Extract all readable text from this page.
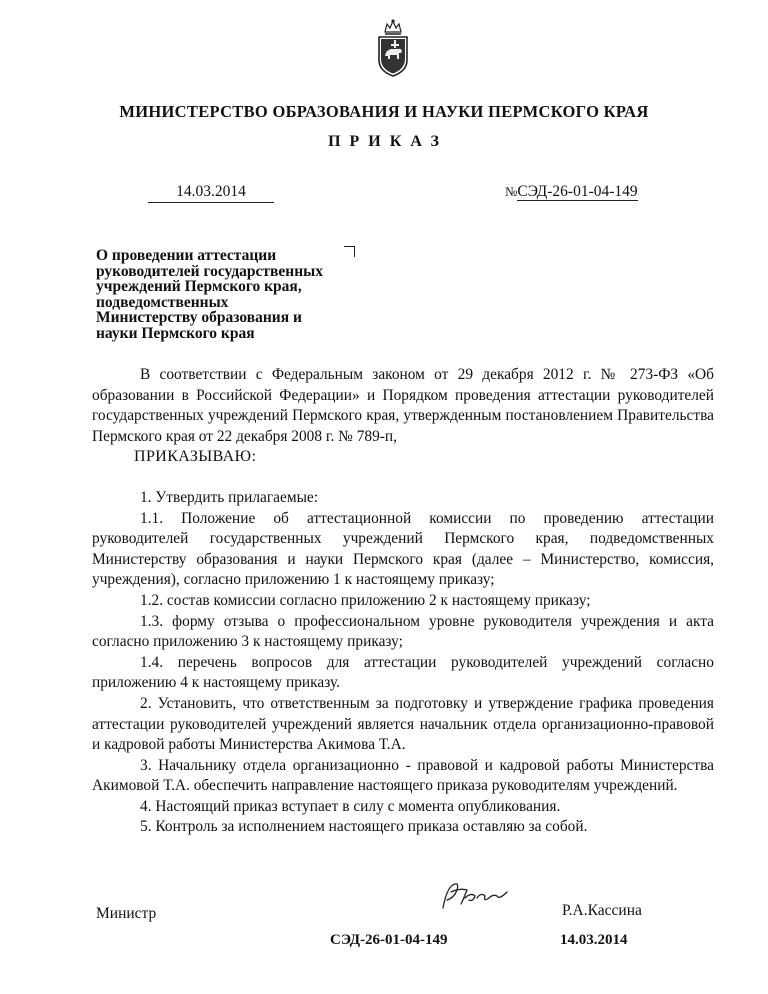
МИНИСТЕРСТВО ОБРАЗОВАНИЯ И НАУКИ ПЕРМСКОГО КРАЯ
ПРИКАЗ
14.03.2014	№СЭД-26-01-04-149
О проведении аттестации
руководителей государственных
учреждений Пермского края,
подведомственных
Министерству образования и
науки Пермского края

В соответствии с Федеральным законом от 29 декабря 2012 г. № 273-ФЗ «Об образовании в Российской Федерации» и Порядком проведения аттестации руководителей государственных учреждений Пермского края, утвержденным постановлением Правительства Пермского края от 22 декабря 2008 г. № 789-п,

ПРИКАЗЫВАЮ:

1. Утвердить прилагаемые:

1.1. Положение об аттестационной комиссии по проведению аттестации руководителей государственных учреждений Пермского края, подведомственных Министерству образования и науки Пермского края (далее – Министерство, комиссия, учреждения), согласно приложению 1 к настоящему приказу;

1.2. состав комиссии согласно приложению 2 к настоящему приказу;

1.3. форму отзыва о профессиональном уровне руководителя учреждения и акта согласно приложению 3 к настоящему приказу;

1.4. перечень вопросов для аттестации руководителей учреждений согласно приложению 4 к настоящему приказу.

2. Установить, что ответственным за подготовку и утверждение графика проведения аттестации руководителей учреждений является начальник отдела организационно-правовой и кадровой работы Министерства Акимова Т.А.

3. Начальнику отдела организационно - правовой и кадровой работы Министерства Акимовой Т.А. обеспечить направление настоящего приказа руководителям учреждений.

4. Настоящий приказ вступает в силу с момента опубликования.

5. Контроль за исполнением настоящего приказа оставляю за собой.

Министр	Р.А.Кассина
СЭД-26-01-04-149	14.03.2014
